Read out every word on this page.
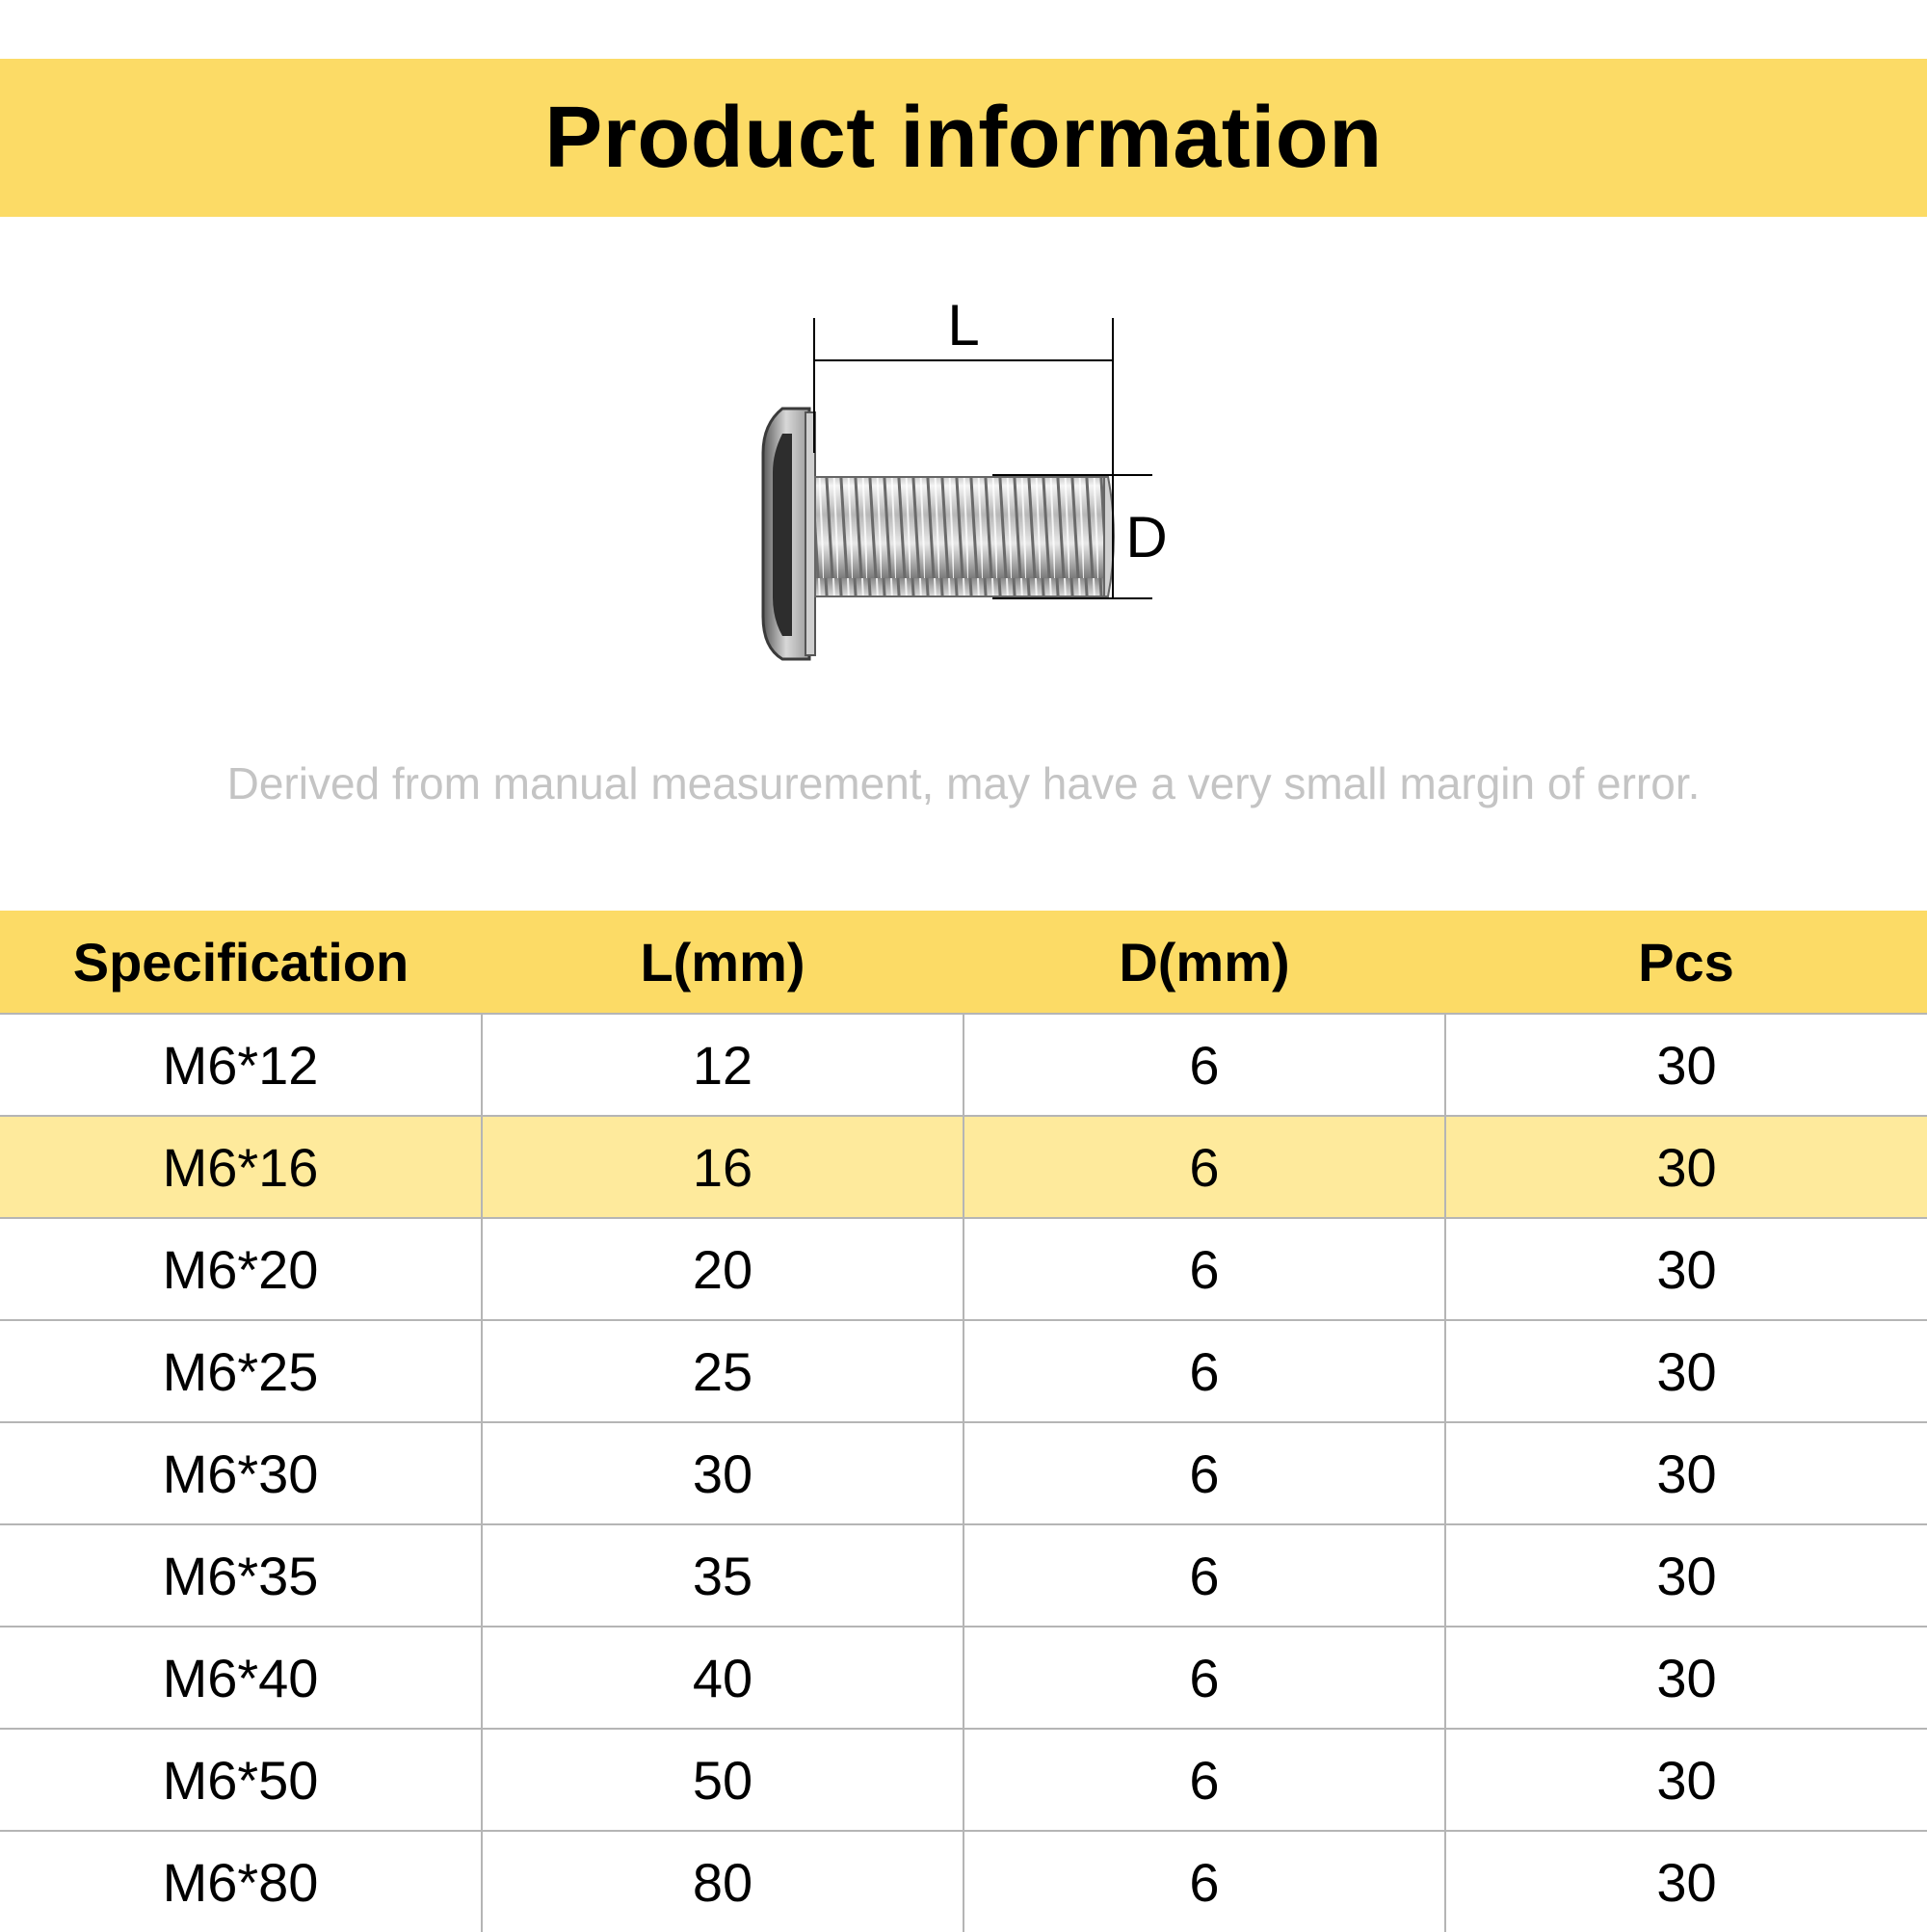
Product information
L
D
Derived from manual measurement, may have a very small margin of error.
Specification	L(mm)	D(mm)	Pcs
M6*12	12	6	30
M6*16	16	6	30
M6*20	20	6	30
M6*25	25	6	30
M6*30	30	6	30
M6*35	35	6	30
M6*40	40	6	30
M6*50	50	6	30
M6*80	80	6	30
